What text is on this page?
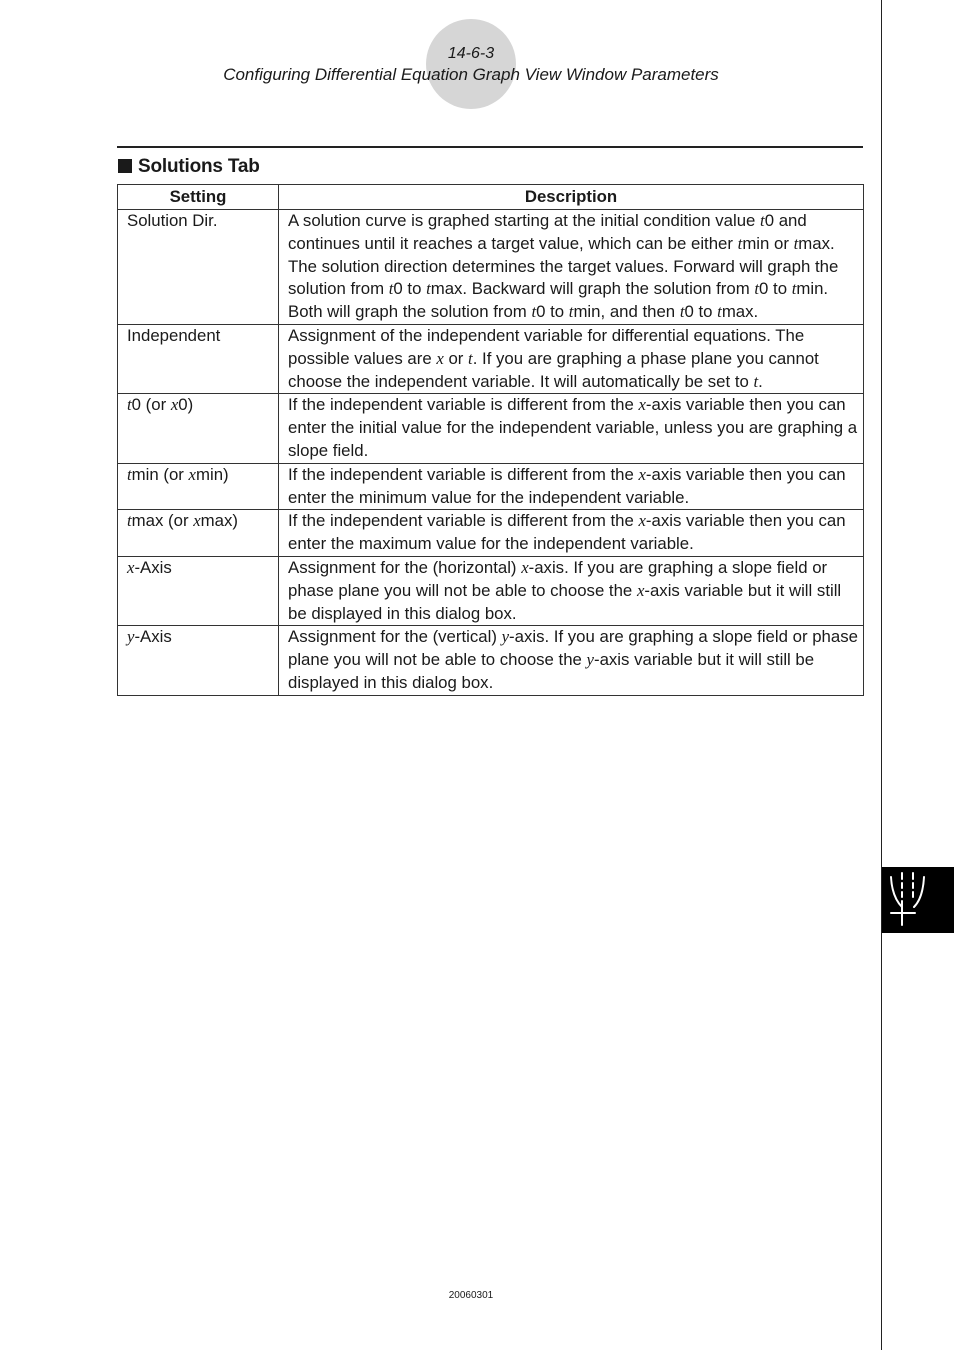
14-6-3
Configuring Differential Equation Graph View Window Parameters
Solutions Tab
Setting	Description
Solution Dir.	A solution curve is graphed starting at the initial condition value t0 and continues until it reaches a target value, which can be either tmin or tmax. The solution direction determines the target values. Forward will graph the solution from t0 to tmax. Backward will graph the solution from t0 to tmin. Both will graph the solution from t0 to tmin, and then t0 to tmax.
Independent	Assignment of the independent variable for differential equations. The possible values are x or t. If you are graphing a phase plane you cannot choose the independent variable. It will automatically be set to t.
t0 (or x0)	If the independent variable is different from the x-axis variable then you can enter the initial value for the independent variable, unless you are graphing a slope field.
tmin (or xmin)	If the independent variable is different from the x-axis variable then you can enter the minimum value for the independent variable.
tmax (or xmax)	If the independent variable is different from the x-axis variable then you can enter the maximum value for the independent variable.
x-Axis	Assignment for the (horizontal) x-axis. If you are graphing a slope field or phase plane you will not be able to choose the x-axis variable but it will still be displayed in this dialog box.
y-Axis	Assignment for the (vertical) y-axis. If you are graphing a slope field or phase plane you will not be able to choose the y-axis variable but it will still be displayed in this dialog box.
20060301
